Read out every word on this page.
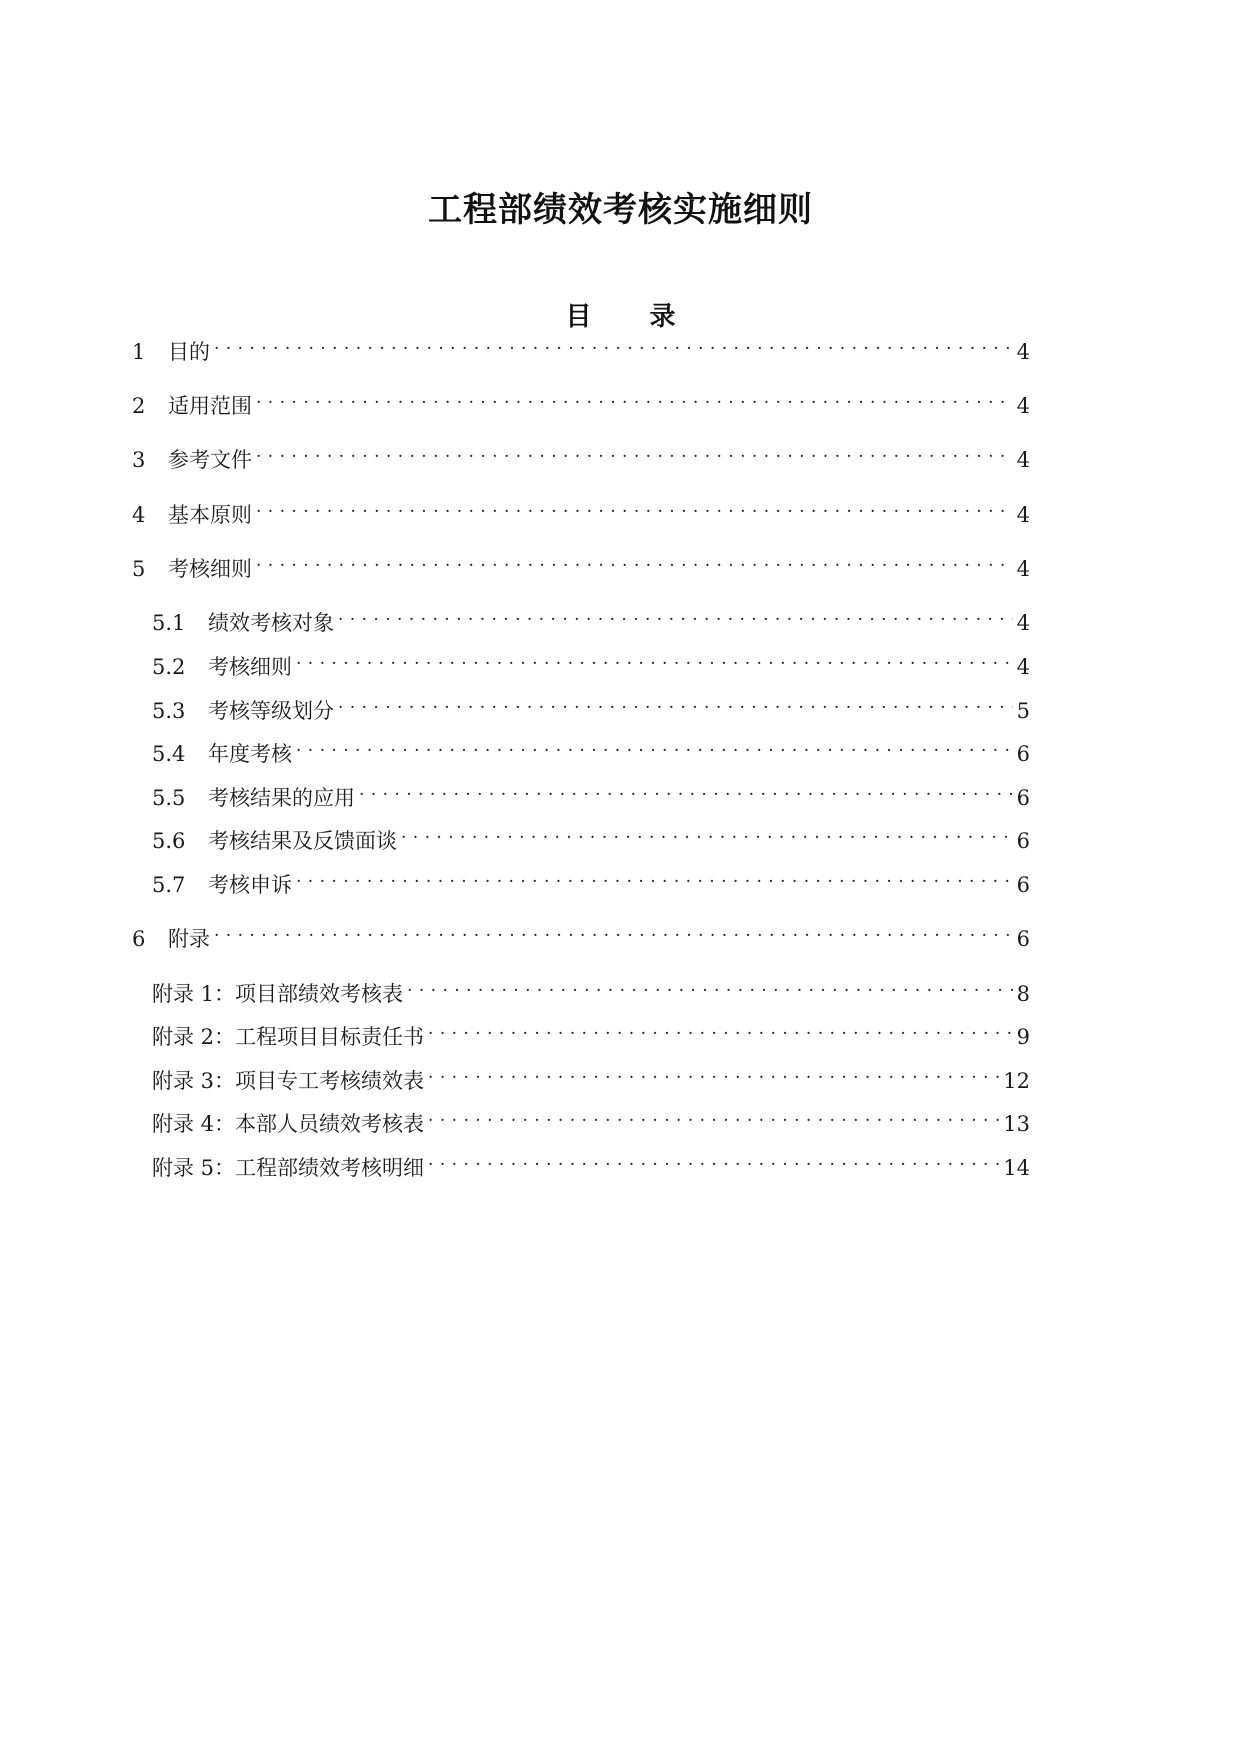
工程部绩效考核实施细则
目 录
1	目的 . . .	4
2	适用范围 . . .	4
3	参考文件 . . .	4
4	基本原则 . . .	4
5	考核细则 . . .	4
5.1	绩效考核对象 . . .	4
5.2	考核细则 . . .	4
5.3	考核等级划分 . . .	5
5.4	年度考核 . . .	6
5.5	考核结果的应用 . . .	6
5.6	考核结果及反馈面谈 . . .	6
5.7	考核申诉 . . .	6
6	附录 . . .	6
附录 1：项目部绩效考核表 . . .	8
附录 2：工程项目目标责任书 . . .	9
附录 3：项目专工考核绩效表 . . .	12
附录 4：本部人员绩效考核表 . . .	13
附录 5：工程部绩效考核明细 . . .	14
